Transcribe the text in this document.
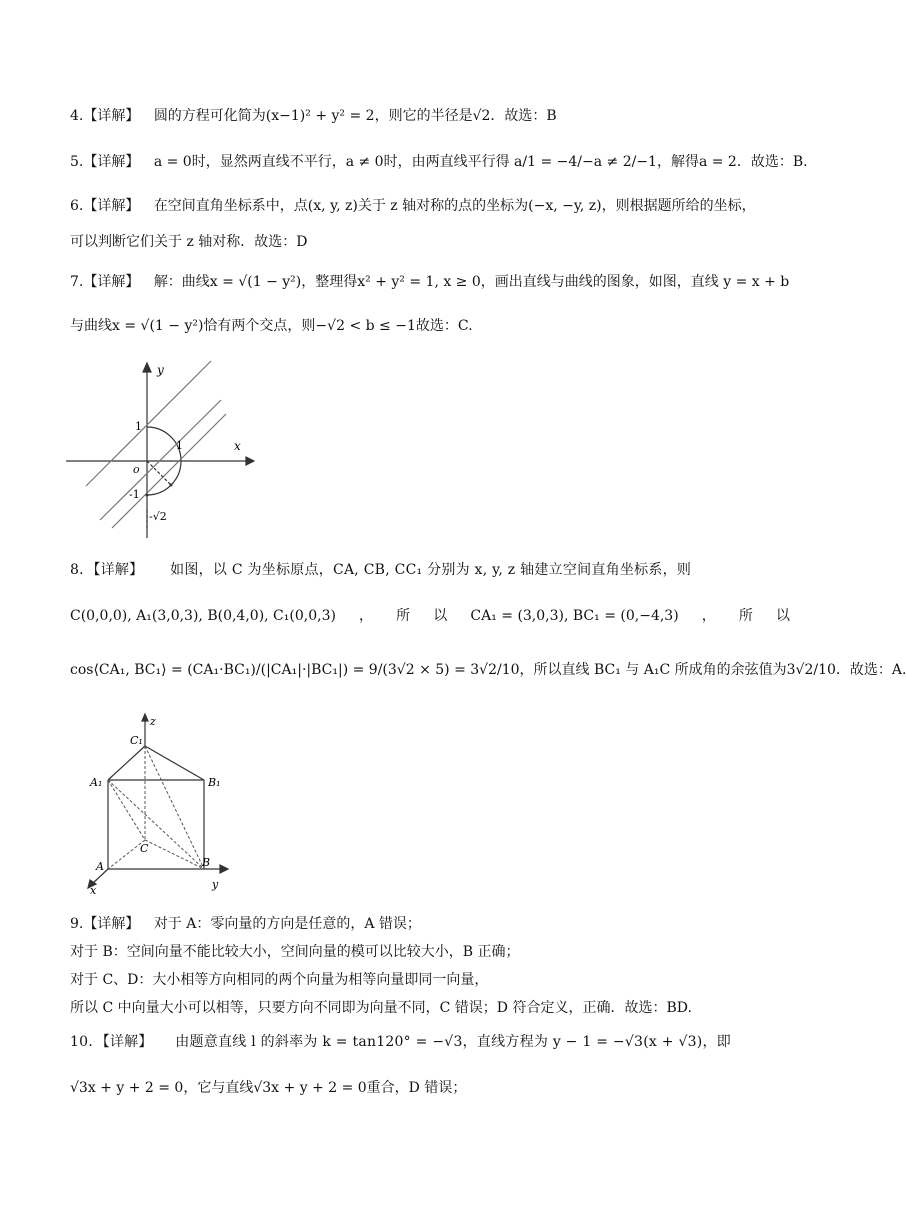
4.【详解】 圆的方程可化简为(x−1)² + y² = 2，则它的半径是√2．故选：B
5.【详解】 a = 0时，显然两直线不平行，a ≠ 0时，由两直线平行得 a/1 = −4/−a ≠ 2/−1，解得a = 2．故选：B.
6.【详解】 在空间直角坐标系中，点(x, y, z)关于 z 轴对称的点的坐标为(−x, −y, z)，则根据题所给的坐标，
可以判断它们关于 z 轴对称．故选：D
7.【详解】 解：曲线x = √(1 − y²)，整理得x² + y² = 1, x ≥ 0，画出直线与曲线的图象，如图，直线 y = x + b
与曲线x = √(1 − y²)恰有两个交点，则−√2 < b ≤ −1故选：C.
y
x
o
1
1
-1
-√2
8．【详解】 如图，以 C 为坐标原点，CA, CB, CC₁ 分别为 x, y, z 轴建立空间直角坐标系，则
C(0,0,0), A₁(3,0,3), B(0,4,0), C₁(0,0,3) ， 所 以 CA₁ = (3,0,3), BC₁ = (0,−4,3) ， 所 以
cos⟨CA₁, BC₁⟩ = (CA₁·BC₁)/(|CA₁|·|BC₁|) = 9/(3√2 × 5) = 3√2/10，所以直线 BC₁ 与 A₁C 所成角的余弦值为3√2/10．故选：A.
z
C₁
A₁	B₁
C
A	B
x	y
9.【详解】 对于 A：零向量的方向是任意的，A 错误；
对于 B：空间向量不能比较大小，空间向量的模可以比较大小，B 正确；
对于 C、D：大小相等方向相同的两个向量为相等向量即同一向量，
所以 C 中向量大小可以相等，只要方向不同即为向量不同，C 错误；D 符合定义，正确．故选：BD.
10．【详解】 由题意直线 l 的斜率为 k = tan120° = −√3，直线方程为 y − 1 = −√3(x + √3)，即
√3x + y + 2 = 0，它与直线√3x + y + 2 = 0重合，D 错误；
